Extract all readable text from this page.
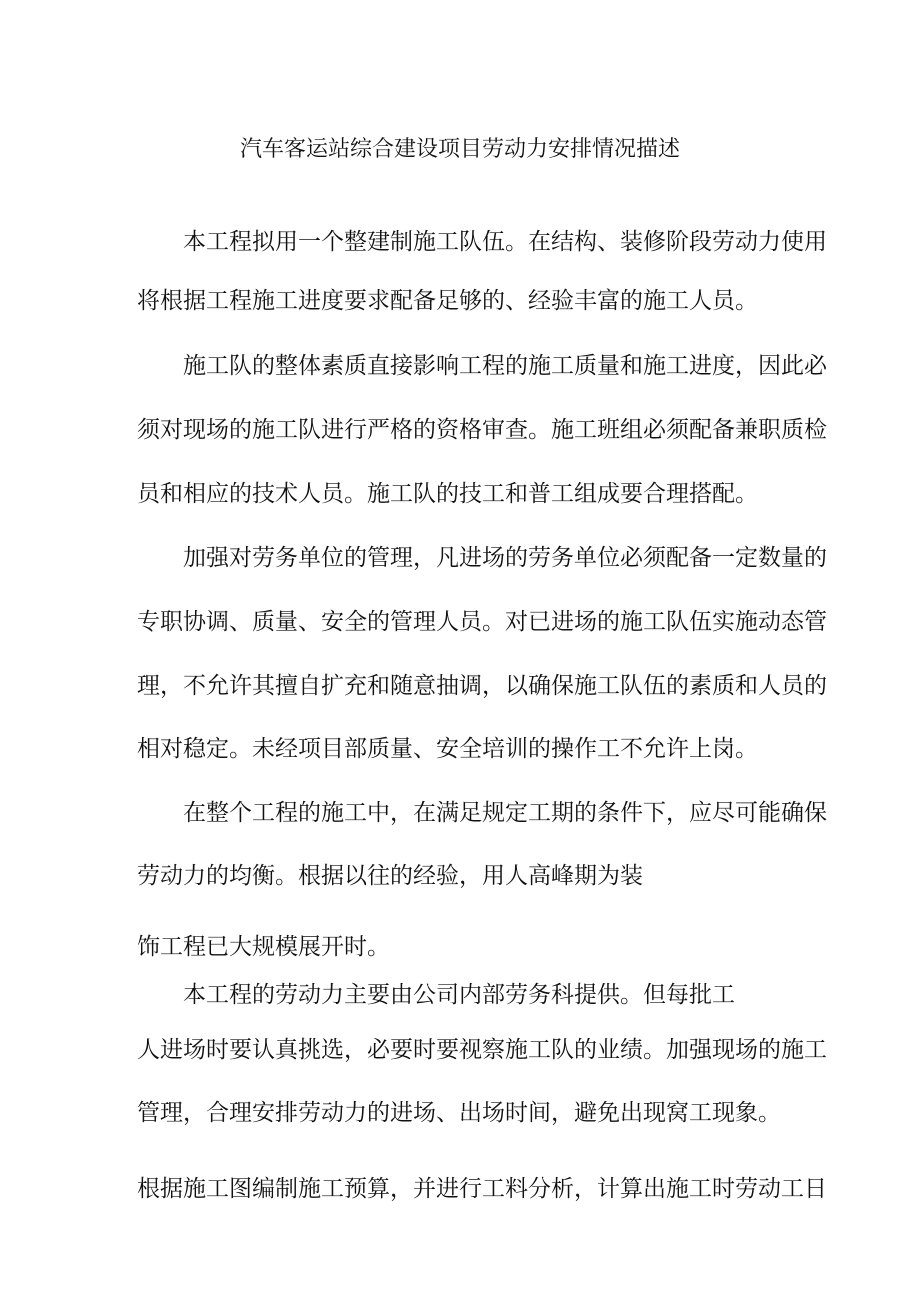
汽车客运站综合建设项目劳动力安排情况描述
本工程拟用一个整建制施工队伍。在结构、装修阶段劳动力使用
将根据工程施工进度要求配备足够的、经验丰富的施工人员。
施工队的整体素质直接影响工程的施工质量和施工进度，因此必
须对现场的施工队进行严格的资格审查。施工班组必须配备兼职质检
员和相应的技术人员。施工队的技工和普工组成要合理搭配。
加强对劳务单位的管理，凡进场的劳务单位必须配备一定数量的
专职协调、质量、安全的管理人员。对已进场的施工队伍实施动态管
理，不允许其擅自扩充和随意抽调，以确保施工队伍的素质和人员的
相对稳定。未经项目部质量、安全培训的操作工不允许上岗。
在整个工程的施工中，在满足规定工期的条件下，应尽可能确保
劳动力的均衡。根据以往的经验，用人高峰期为装
饰工程已大规模展开时。
本工程的劳动力主要由公司内部劳务科提供。但每批工
人进场时要认真挑选，必要时要视察施工队的业绩。加强现场的施工
管理，合理安排劳动力的进场、出场时间，避免出现窝工现象。
根据施工图编制施工预算，并进行工料分析，计算出施工时劳动工日
